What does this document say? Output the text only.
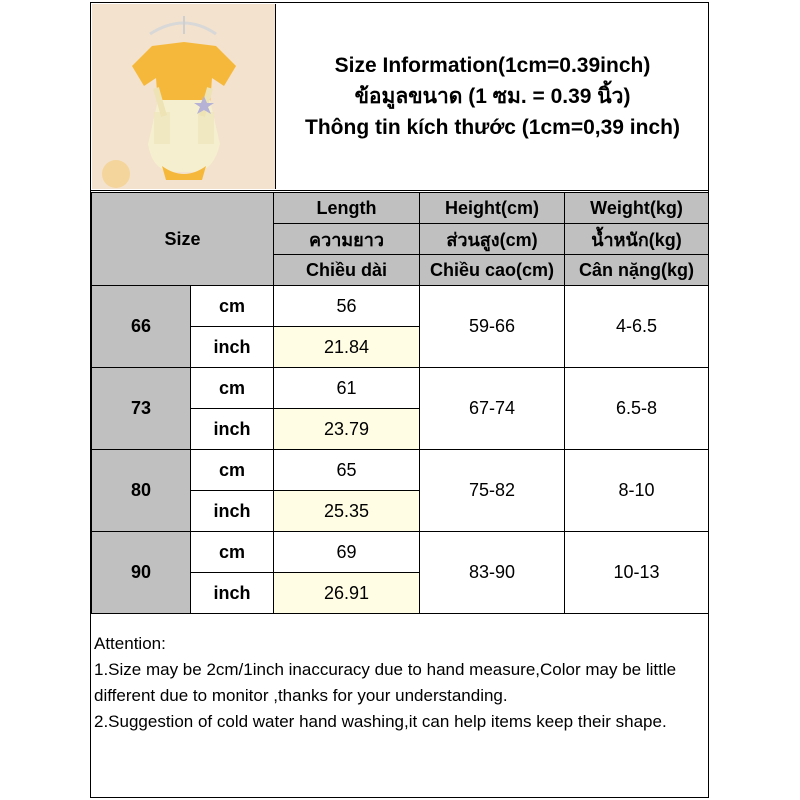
Size Information(1cm=0.39inch)
ข้อมูลขนาด (1 ซม. = 0.39 นิ้ว)
Thông tin kích thước (1cm=0,39 inch)
Size		Length	Height(cm)	Weight(kg)
		ความยาว	ส่วนสูง(cm)	น้ำหนัก(kg)
		Chiều dài	Chiều cao(cm)	Cân nặng(kg)
66	cm	56	59-66	4-6.5
	inch	21.84		
73	cm	61	67-74	6.5-8
	inch	23.79		
80	cm	65	75-82	8-10
	inch	25.35		
90	cm	69	83-90	10-13
	inch	26.91		
Attention:
1.Size may be 2cm/1inch inaccuracy due to hand measure,Color may be little different due to monitor ,thanks for your understanding.
2.Suggestion of cold water hand washing,it can help items keep their shape.
